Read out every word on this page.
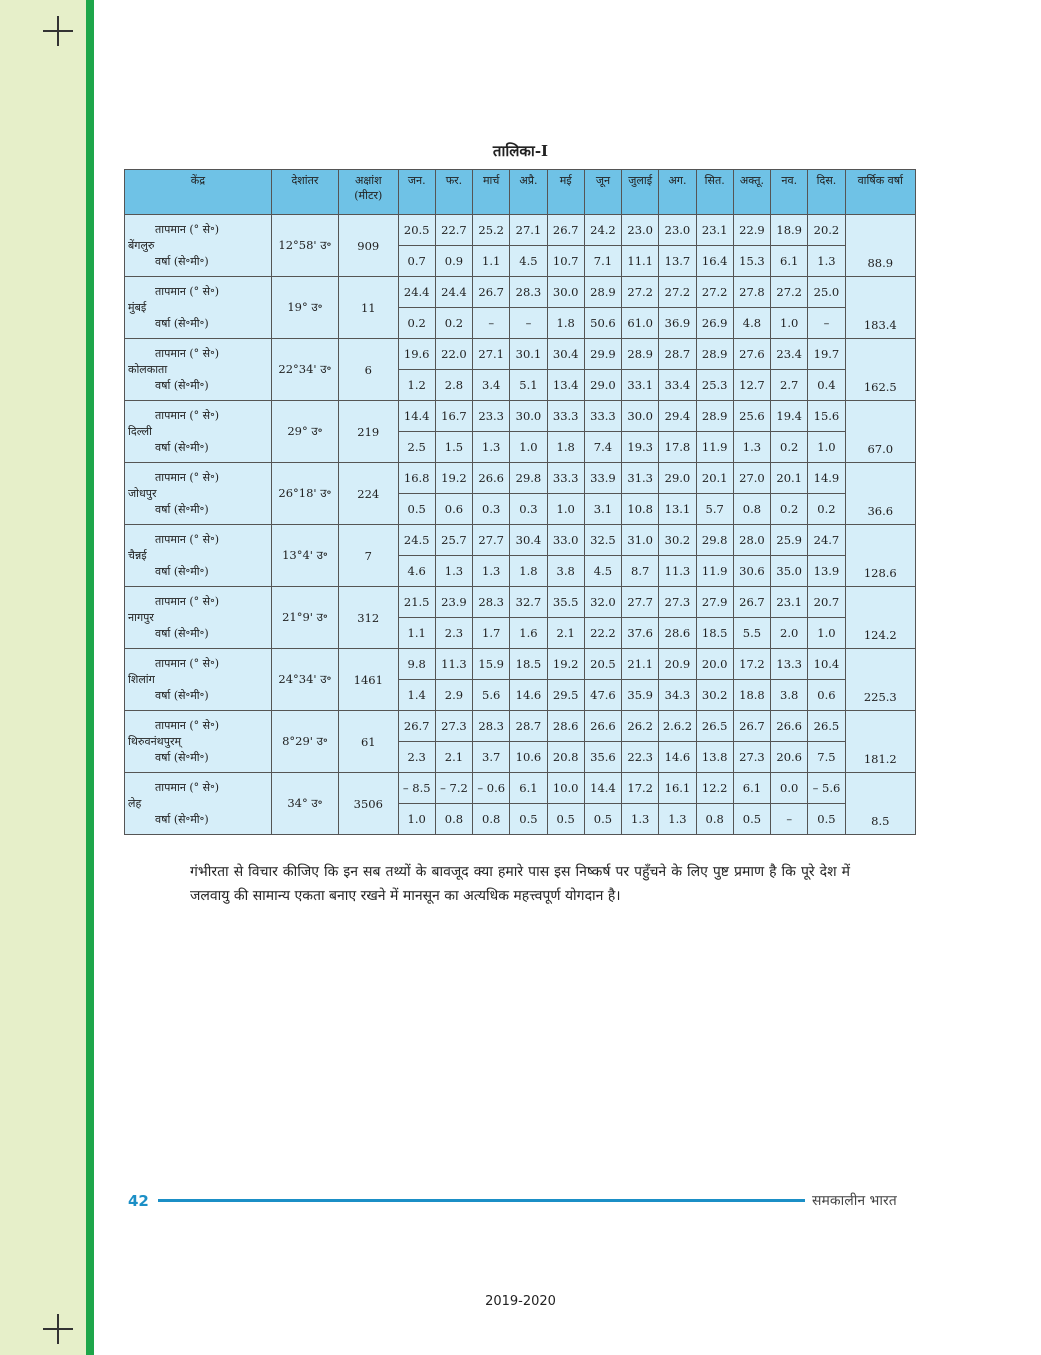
तालिका-I
केंद्र	देशांतर	अक्षांश (मीटर)	जन.	फर.	मार्च	अप्रै.	मई	जून	जुलाई	अग.	सित.	अक्तू.	नव.	दिस.	वार्षिक वर्षा

तापमान (° से॰)
बेंगलुरु
वर्षा (से॰मी॰)	12°58' उ॰	909	20.5	22.7	25.2	27.1	26.7	24.2	23.0	23.0	23.1	22.9	18.9	20.2	88.9
			0.7	0.9	1.1	4.5	10.7	7.1	11.1	13.7	16.4	15.3	6.1	1.3	

तापमान (° से॰)
मुंबई
वर्षा (से॰मी॰)	19° उ॰	11	24.4	24.4	26.7	28.3	30.0	28.9	27.2	27.2	27.2	27.8	27.2	25.0	183.4
			0.2	0.2	–	–	1.8	50.6	61.0	36.9	26.9	4.8	1.0	–	

तापमान (° से॰)
कोलकाता
वर्षा (से॰मी॰)	22°34' उ॰	6	19.6	22.0	27.1	30.1	30.4	29.9	28.9	28.7	28.9	27.6	23.4	19.7	162.5
			1.2	2.8	3.4	5.1	13.4	29.0	33.1	33.4	25.3	12.7	2.7	0.4	

तापमान (° से॰)
दिल्ली
वर्षा (से॰मी॰)	29° उ॰	219	14.4	16.7	23.3	30.0	33.3	33.3	30.0	29.4	28.9	25.6	19.4	15.6	67.0
			2.5	1.5	1.3	1.0	1.8	7.4	19.3	17.8	11.9	1.3	0.2	1.0	

तापमान (° से॰)
जोधपुर
वर्षा (से॰मी॰)	26°18' उ॰	224	16.8	19.2	26.6	29.8	33.3	33.9	31.3	29.0	20.1	27.0	20.1	14.9	36.6
			0.5	0.6	0.3	0.3	1.0	3.1	10.8	13.1	5.7	0.8	0.2	0.2	

तापमान (° से॰)
चैन्नई
वर्षा (से॰मी॰)	13°4' उ॰	7	24.5	25.7	27.7	30.4	33.0	32.5	31.0	30.2	29.8	28.0	25.9	24.7	128.6
			4.6	1.3	1.3	1.8	3.8	4.5	8.7	11.3	11.9	30.6	35.0	13.9	

तापमान (° से॰)
नागपुर
वर्षा (से॰मी॰)	21°9' उ॰	312	21.5	23.9	28.3	32.7	35.5	32.0	27.7	27.3	27.9	26.7	23.1	20.7	124.2
			1.1	2.3	1.7	1.6	2.1	22.2	37.6	28.6	18.5	5.5	2.0	1.0	

तापमान (° से॰)
शिलांग
वर्षा (से॰मी॰)	24°34' उ॰	1461	9.8	11.3	15.9	18.5	19.2	20.5	21.1	20.9	20.0	17.2	13.3	10.4	225.3
			1.4	2.9	5.6	14.6	29.5	47.6	35.9	34.3	30.2	18.8	3.8	0.6	

तापमान (° से॰)
थिरुवनंथपुरम्
वर्षा (से॰मी॰)	8°29' उ॰	61	26.7	27.3	28.3	28.7	28.6	26.6	26.2	2.6.2	26.5	26.7	26.6	26.5	181.2
			2.3	2.1	3.7	10.6	20.8	35.6	22.3	14.6	13.8	27.3	20.6	7.5	

तापमान (° से॰)
लेह
वर्षा (से॰मी॰)	34° उ॰	3506	– 8.5	– 7.2	– 0.6	6.1	10.0	14.4	17.2	16.1	12.2	6.1	0.0	– 5.6	8.5
			1.0	0.8	0.8	0.5	0.5	0.5	1.3	1.3	0.8	0.5	–	0.5	
गंभीरता से विचार कीजिए कि इन सब तथ्यों के बावजूद क्या हमारे पास इस निष्कर्ष पर पहुँचने के लिए पुष्ट प्रमाण है कि पूरे देश में जलवायु की सामान्य एकता बनाए रखने में मानसून का अत्यधिक महत्त्वपूर्ण योगदान है।
42	समकालीन भारत
2019-2020
